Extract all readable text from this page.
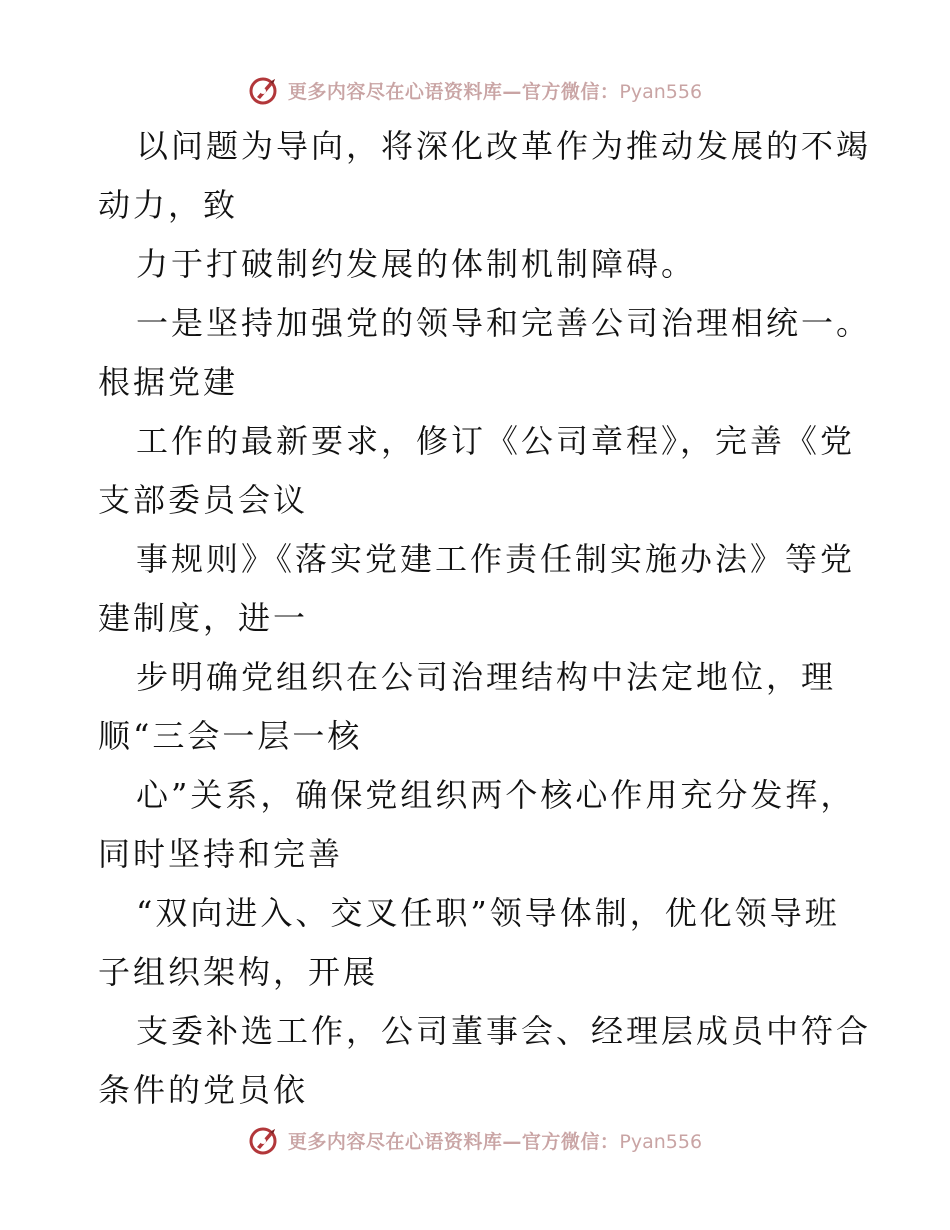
更多内容尽在心语资料库—官方微信：Pyan556

以问题为导向，将深化改革作为推动发展的不竭
动力，致

力于打破制约发展的体制机制障碍。

一是坚持加强党的领导和完善公司治理相统一。
根据党建

工作的最新要求，修订《公司章程》，完善《党
支部委员会议

事规则》《落实党建工作责任制实施办法》等党
建制度，进一

步明确党组织在公司治理结构中法定地位，理
顺“三会一层一核

心”关系，确保党组织两个核心作用充分发挥，
同时坚持和完善

“双向进入、交叉任职”领导体制，优化领导班
子组织架构，开展

支委补选工作，公司董事会、经理层成员中符合
条件的党员依

更多内容尽在心语资料库—官方微信：Pyan556
